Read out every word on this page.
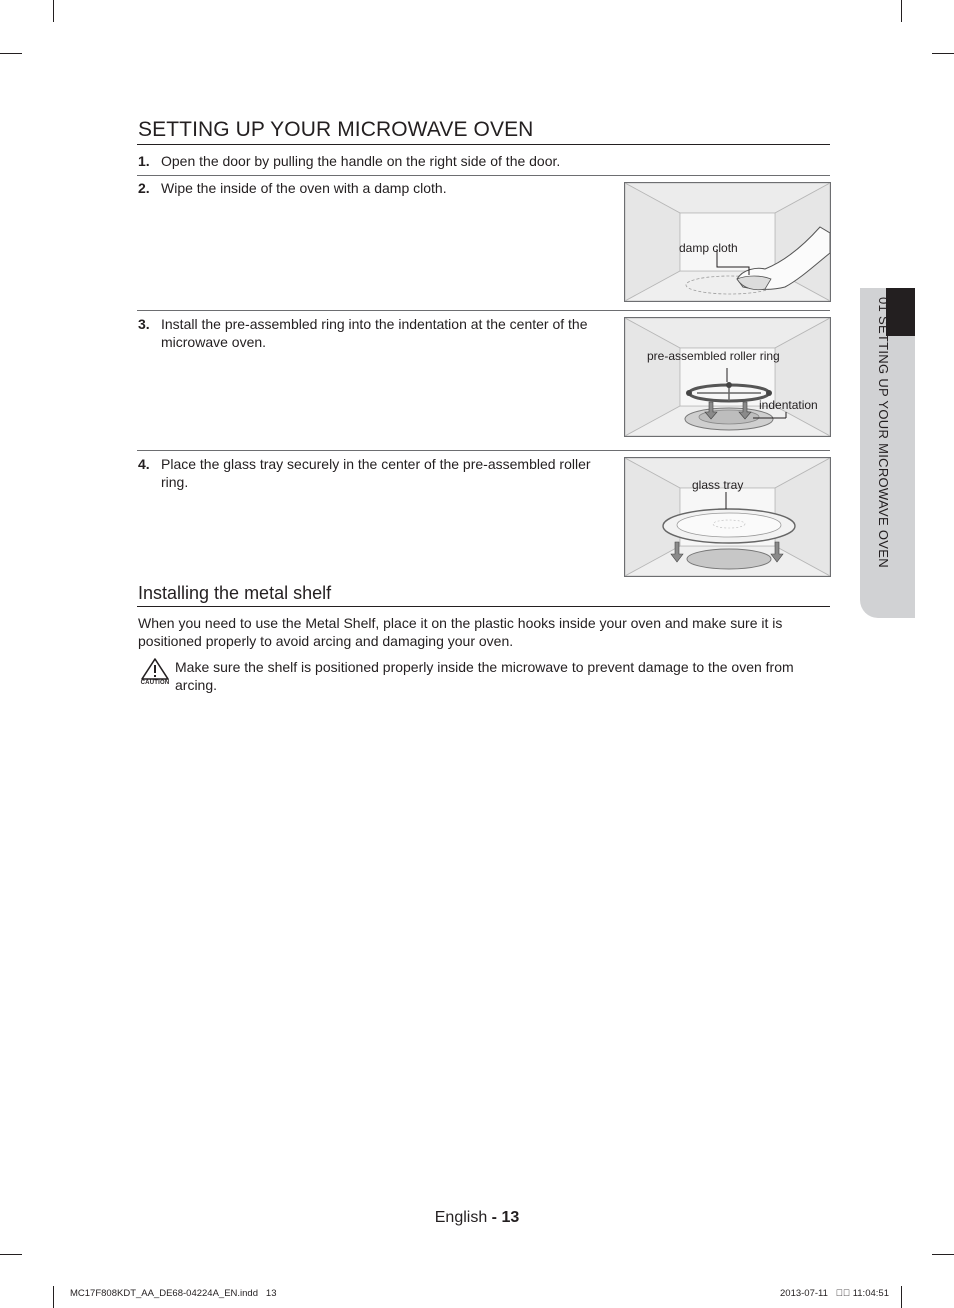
SETTING UP YOUR MICROWAVE OVEN
1. Open the door by pulling the handle on the right side of the door.
2. Wipe the inside of the oven with a damp cloth.
damp cloth
3. Install the pre-assembled ring into the indentation at the center of the
microwave oven.
pre-assembled roller ring
indentation
4. Place the glass tray securely in the center of the pre-assembled roller
ring.	glass tray
Installing the metal shelf
When you need to use the Metal Shelf, place it on the plastic hooks inside your oven and make sure it is
positioned properly to avoid arcing and damaging your oven.
CAUTION
Make sure the shelf is positioned properly inside the microwave to prevent damage to the oven from
arcing.
01 SETTING UP YOUR MICROWAVE OVEN
English - 13
MC17F808KDT_AA_DE68-04224A_EN.indd   13	2013-07-11   ￿￿ 11:04:51
